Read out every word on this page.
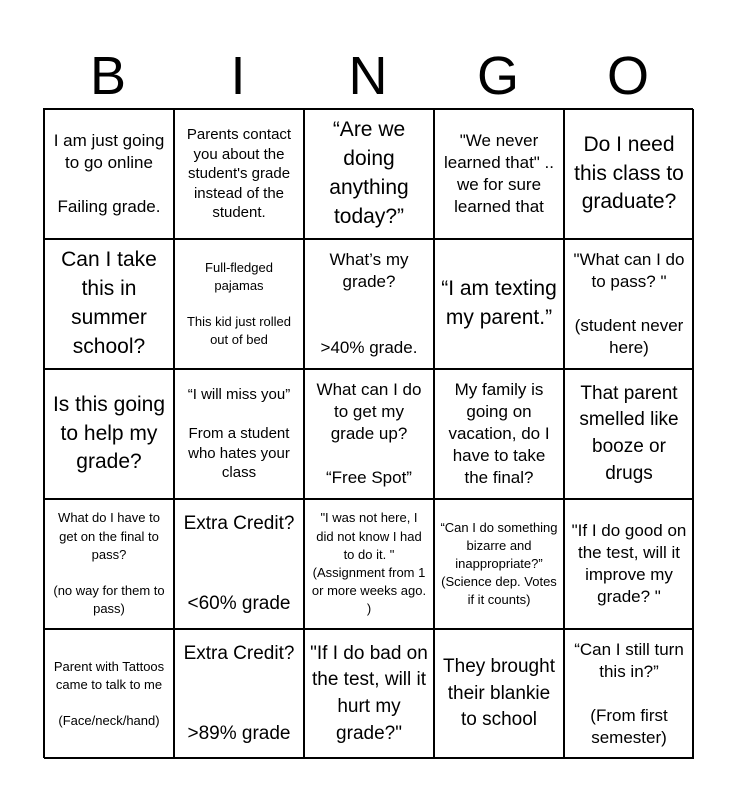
B	I	N	G	O
I am just going to go online

Failing grade.
Parents contact you about the student's grade instead of the student.
“Are we doing anything today?”
"We never learned that" .. we for sure learned that
Do I need this class to graduate?
Can I take this in summer school?
Full-fledged pajamas

This kid just rolled out of bed
What’s my grade?

>40% grade.
“I am texting my parent.”
"What can I do to pass? "

(student never here)
Is this going to help my grade?
“I will miss you”

From a student who hates your class
What can I do to get my grade up?

“Free Spot”
My family is going on vacation, do I have to take the final?
That parent smelled like booze or drugs
What do I have to get on the final to pass?

(no way for them to pass)
Extra Credit?

<60% grade
"I was not here, I did not know I had to do it. " (Assignment from 1 or more weeks ago. )
“Can I do something bizarre and inappropriate?” (Science dep. Votes if it counts)
"If I do good on the test, will it improve my grade? "
Parent with Tattoos came to talk to me

(Face/neck/hand)
Extra Credit?

>89% grade
"If I do bad on the test, will it hurt my grade?"
They brought their blankie to school
“Can I still turn this in?”

(From first semester)
